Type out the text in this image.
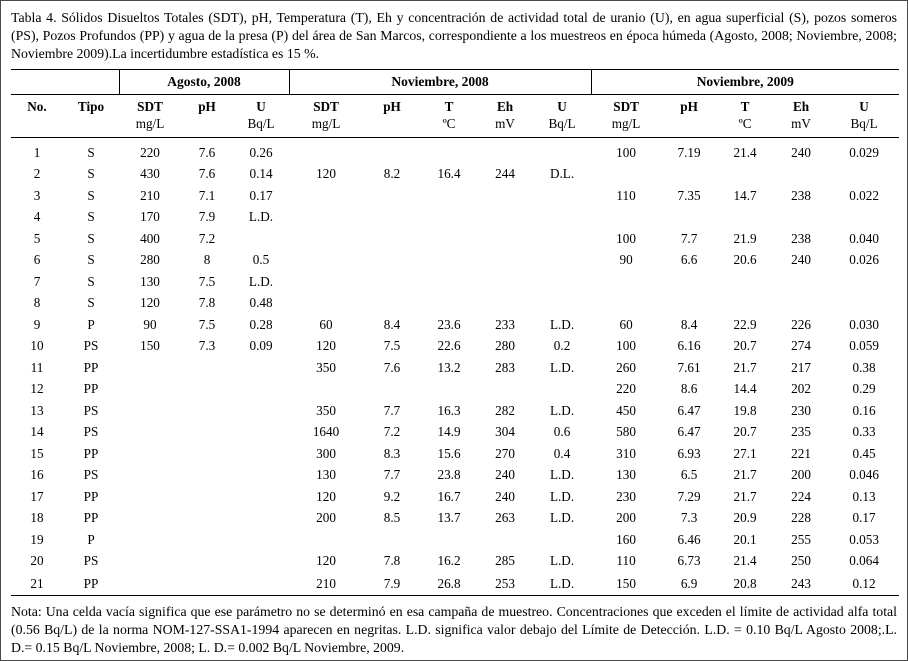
Tabla 4. Sólidos Disueltos Totales (SDT), pH, Temperatura (T), Eh y concentración de actividad total de uranio (U), en agua superficial (S), pozos someros (PS), Pozos Profundos (PP) y agua de la presa (P) del área de San Marcos, correspondiente a los muestreos en época húmeda (Agosto, 2008; Noviembre, 2008; Noviembre 2009).La incertidumbre estadística es 15 %.

		Agosto, 2008			Noviembre, 2008					Noviembre, 2009				
No.	Tipo	SDT	pH	U	SDT	pH	T	Eh	U	SDT	pH	T	Eh	U
		mg/L		Bq/L	mg/L		ºC	mV	Bq/L	mg/L		ºC	mV	Bq/L
1	S	220	7.6	0.26						100	7.19	21.4	240	0.029
2	S	430	7.6	0.14	120	8.2	16.4	244	D.L.					
3	S	210	7.1	0.17						110	7.35	14.7	238	0.022
4	S	170	7.9	L.D.										
5	S	400	7.2							100	7.7	21.9	238	0.040
6	S	280	8	0.5						90	6.6	20.6	240	0.026
7	S	130	7.5	L.D.										
8	S	120	7.8	0.48										
9	P	90	7.5	0.28	60	8.4	23.6	233	L.D.	60	8.4	22.9	226	0.030
10	PS	150	7.3	0.09	120	7.5	22.6	280	0.2	100	6.16	20.7	274	0.059
11	PP				350	7.6	13.2	283	L.D.	260	7.61	21.7	217	0.38
12	PP									220	8.6	14.4	202	0.29
13	PS				350	7.7	16.3	282	L.D.	450	6.47	19.8	230	0.16
14	PS				1640	7.2	14.9	304	0.6	580	6.47	20.7	235	0.33
15	PP				300	8.3	15.6	270	0.4	310	6.93	27.1	221	0.45
16	PS				130	7.7	23.8	240	L.D.	130	6.5	21.7	200	0.046
17	PP				120	9.2	16.7	240	L.D.	230	7.29	21.7	224	0.13
18	PP				200	8.5	13.7	263	L.D.	200	7.3	20.9	228	0.17
19	P									160	6.46	20.1	255	0.053
20	PS				120	7.8	16.2	285	L.D.	110	6.73	21.4	250	0.064
21	PP				210	7.9	26.8	253	L.D.	150	6.9	20.8	243	0.12

Nota: Una celda vacía significa que ese parámetro no se determinó en esa campaña de muestreo. Concentraciones que exceden el límite de actividad alfa total (0.56 Bq/L) de la norma NOM-127-SSA1-1994 aparecen en negritas. L.D. significa valor debajo del Límite de Detección. L.D. = 0.10 Bq/L Agosto 2008;.L. D.= 0.15 Bq/L Noviembre, 2008; L. D.= 0.002 Bq/L Noviembre, 2009.
